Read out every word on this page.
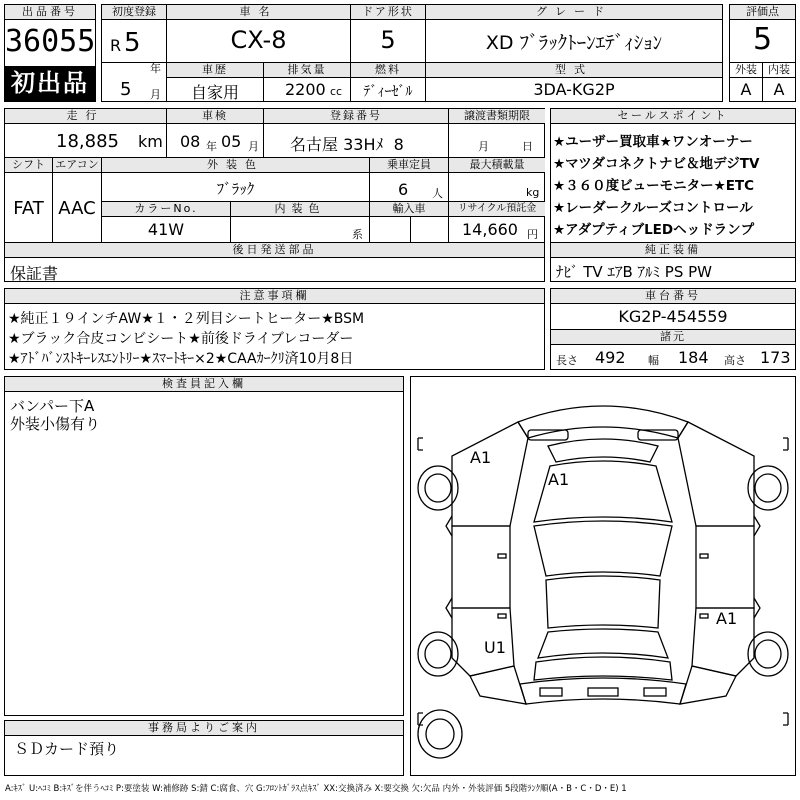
出品番号
36055
初出品
初度登録
R 5
年
5 月
車名
CX-8
ドア形状
5
グレード
XD ﾌﾞﾗｯｸﾄｰﾝｴﾃﾞｨｼｮﾝ
車歴
自家用
排気量
2200 cc
燃料
ﾃﾞｨｰｾﾞﾙ
型式
3DA-KG2P
評価点
5
外装	内装
A	A
走行
18,885 km
車検
08 年 05 月
登録番号
名古屋 33Hﾒ  8
譲渡書類期限
月	日
シフト
FAT
エアコン
AAC
外装色
ﾌﾞﾗｯｸ
乗車定員
6 人
最大積載量
kg
カラーNo.
41W
内装色
系
輸入車	リサイクル預託金
14,660 円
セールスポイント
★ユーザー買取車★ワンオーナー
★マツダコネクトナビ＆地デジTV
★３６０度ビューモニター★ETC
★レーダークルーズコントロール
★アダプティブLEDヘッドランプ
後日発送部品
保証書
純正装備
ﾅﾋﾞ TV ｴｱB ｱﾙﾐ PS PW
注意事項欄
★純正１９インチAW★１・２列目シートヒーター★BSM
★ブラック合皮コンビシート★前後ドライブレコーダー
★ｱﾄﾞﾊﾞﾝｽﾄｷｰﾚｽｴﾝﾄﾘｰ★ｽﾏｰﾄｷｰ×2★CAAｶｰｸﾘ済10月8日
車台番号
KG2P-454559
諸元
長さ 492 幅 184 高さ 173
検査員記入欄
バンパー下A
外装小傷有り
事務局よりご案内
ＳＤカード預り
A1
A1
A1
U1
A:ｷｽﾞ U:ﾍｺﾐ B:ｷｽﾞを伴うﾍｺﾐ P:要塗装 W:補修跡 S:錆 C:腐食、穴 G:ﾌﾛﾝﾄｶﾞﾗｽ点ｷｽﾞ XX:交換済み X:要交換 欠:欠品 内外・外装評価 5段階ﾗﾝｸ順(A・B・C・D・E) 1
